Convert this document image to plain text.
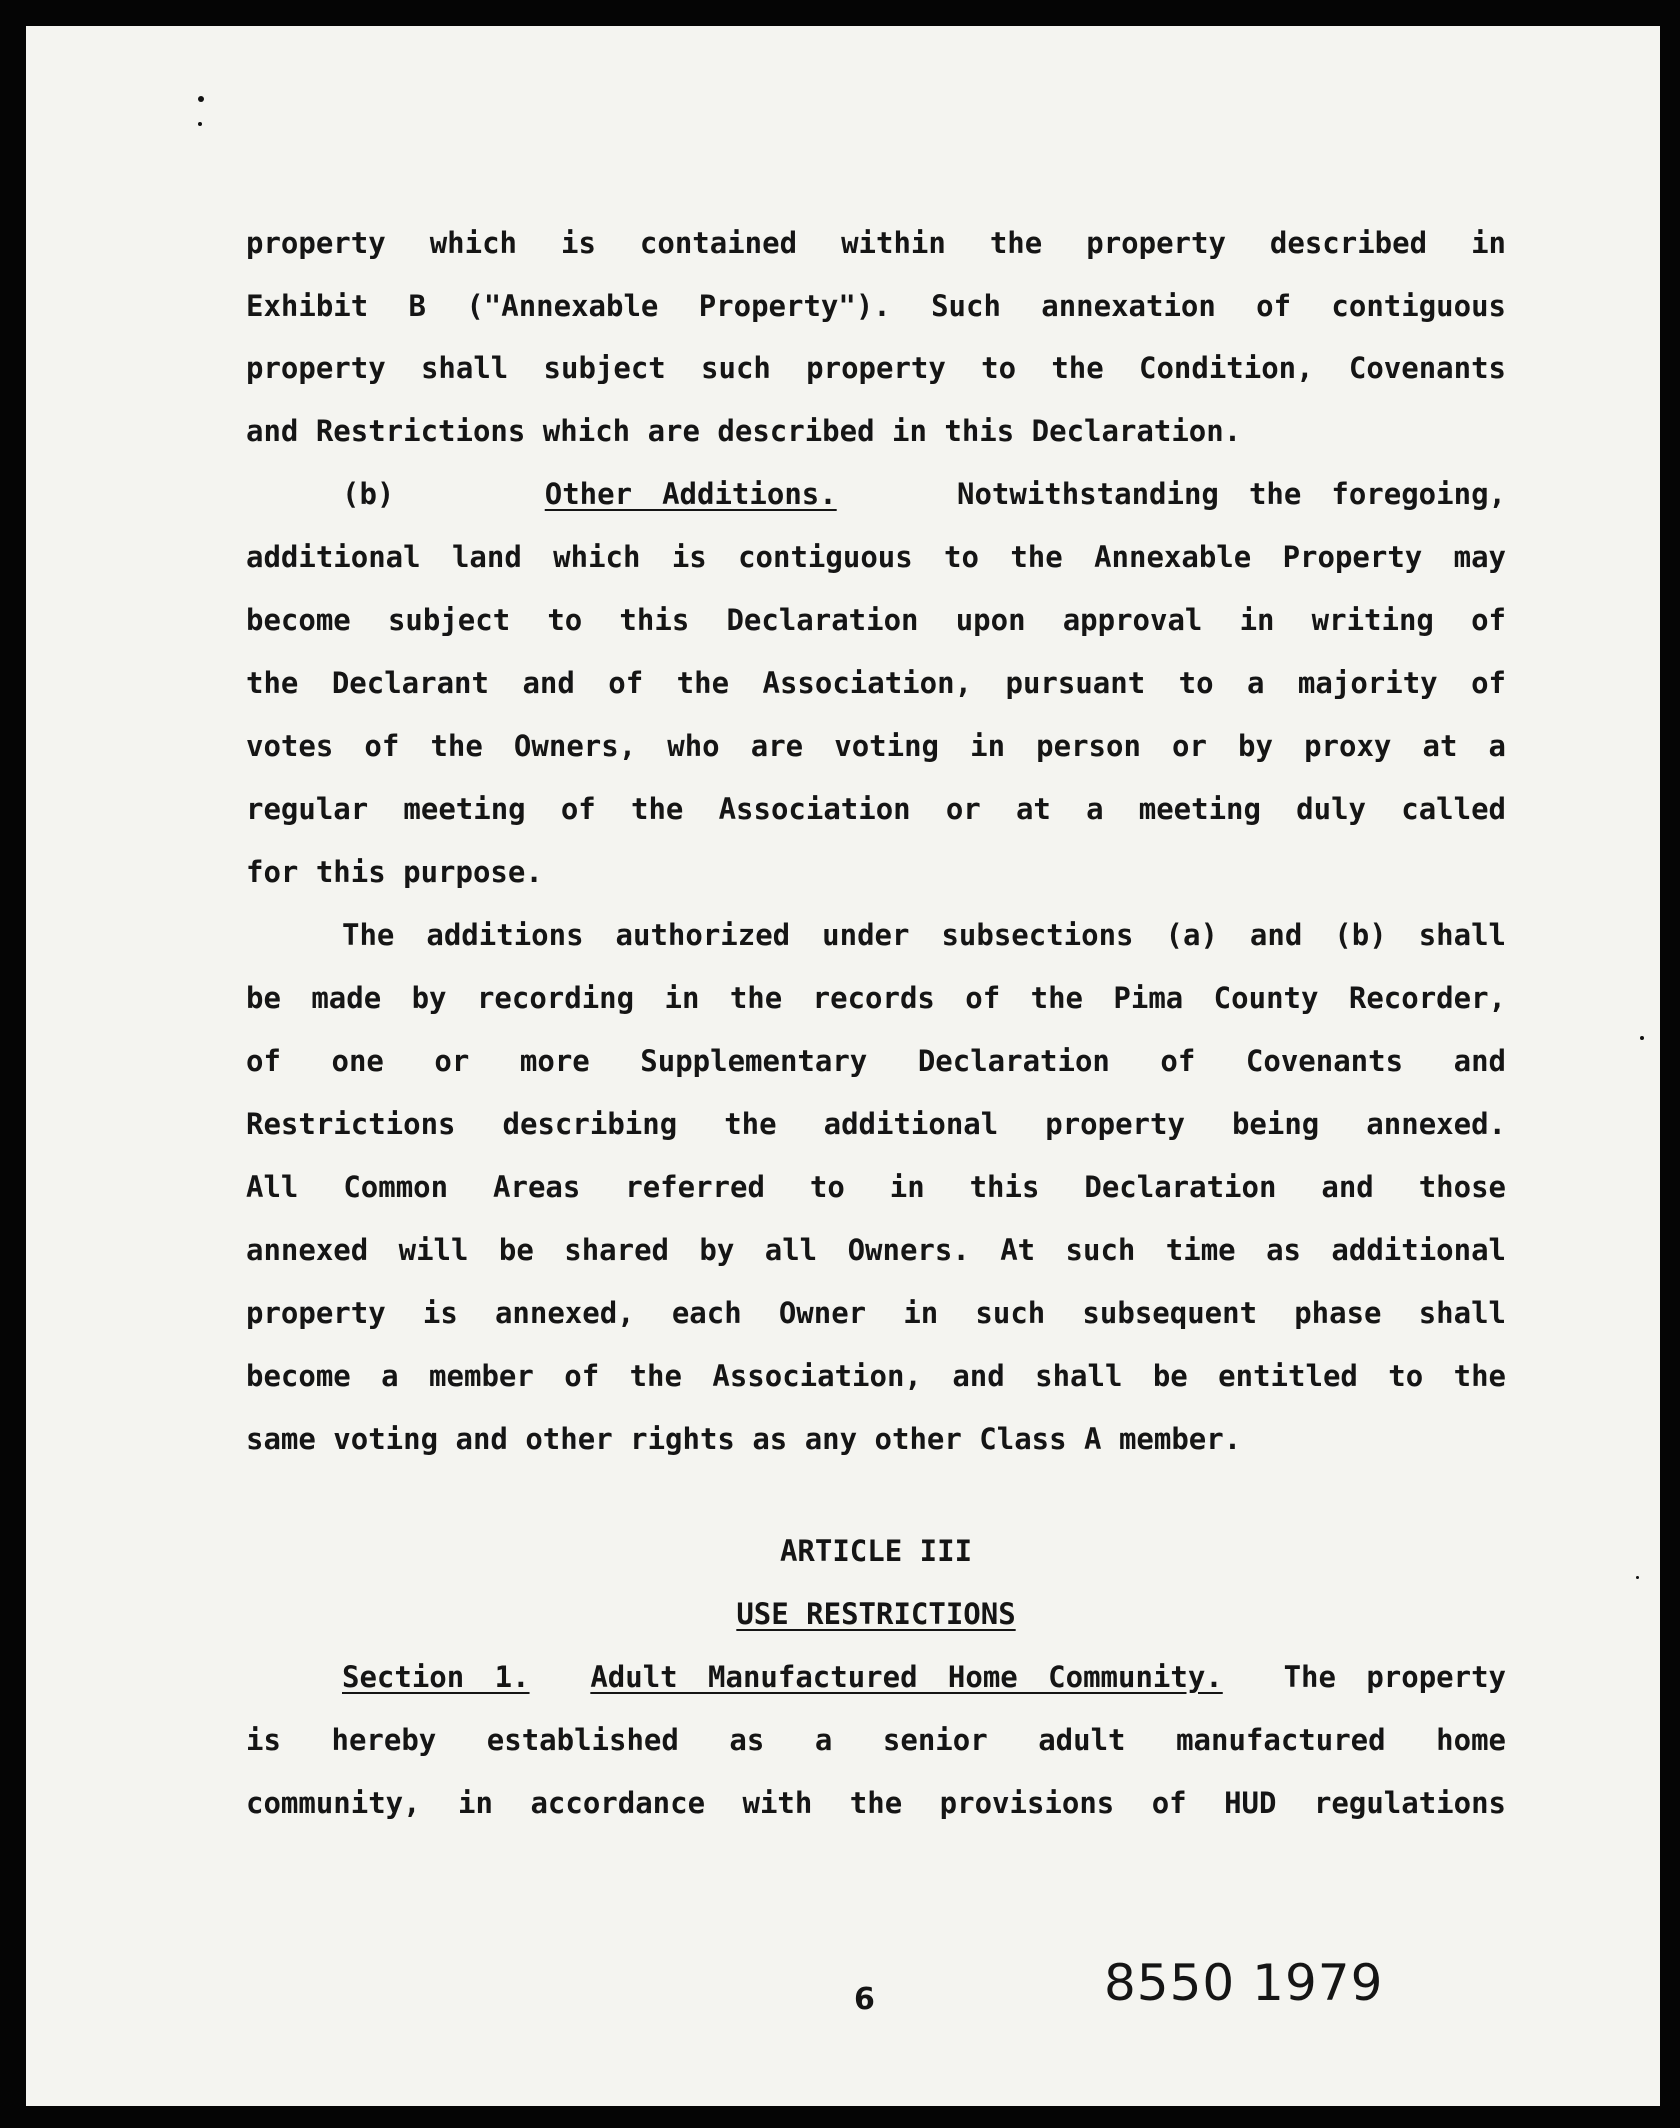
property which is contained within the property described in

Exhibit B ("Annexable Property"). Such annexation of contiguous

property shall subject such property to the Condition, Covenants

and Restrictions which are described in this Declaration.

(b)	Other Additions.	Notwithstanding the foregoing,

additional land which is contiguous to the Annexable Property may

become subject to this Declaration upon approval in writing of

the Declarant and of the Association, pursuant to a majority of

votes of the Owners, who are voting in person or by proxy at a

regular meeting of the Association or at a meeting duly called

for this purpose.

The additions authorized under subsections (a) and (b) shall

be made by recording in the records of the Pima County Recorder,

of one or more Supplementary Declaration of Covenants and

Restrictions describing the additional property being annexed.

All Common Areas referred to in this Declaration and those

annexed will be shared by all Owners. At such time as additional

property is annexed, each Owner in such subsequent phase shall

become a member of the Association, and shall be entitled to the

same voting and other rights as any other Class A member.

ARTICLE III

USE RESTRICTIONS

Section 1. Adult Manufactured Home Community. The property

is hereby established as a senior adult manufactured home

community, in accordance with the provisions of HUD regulations

6	8550 1979
